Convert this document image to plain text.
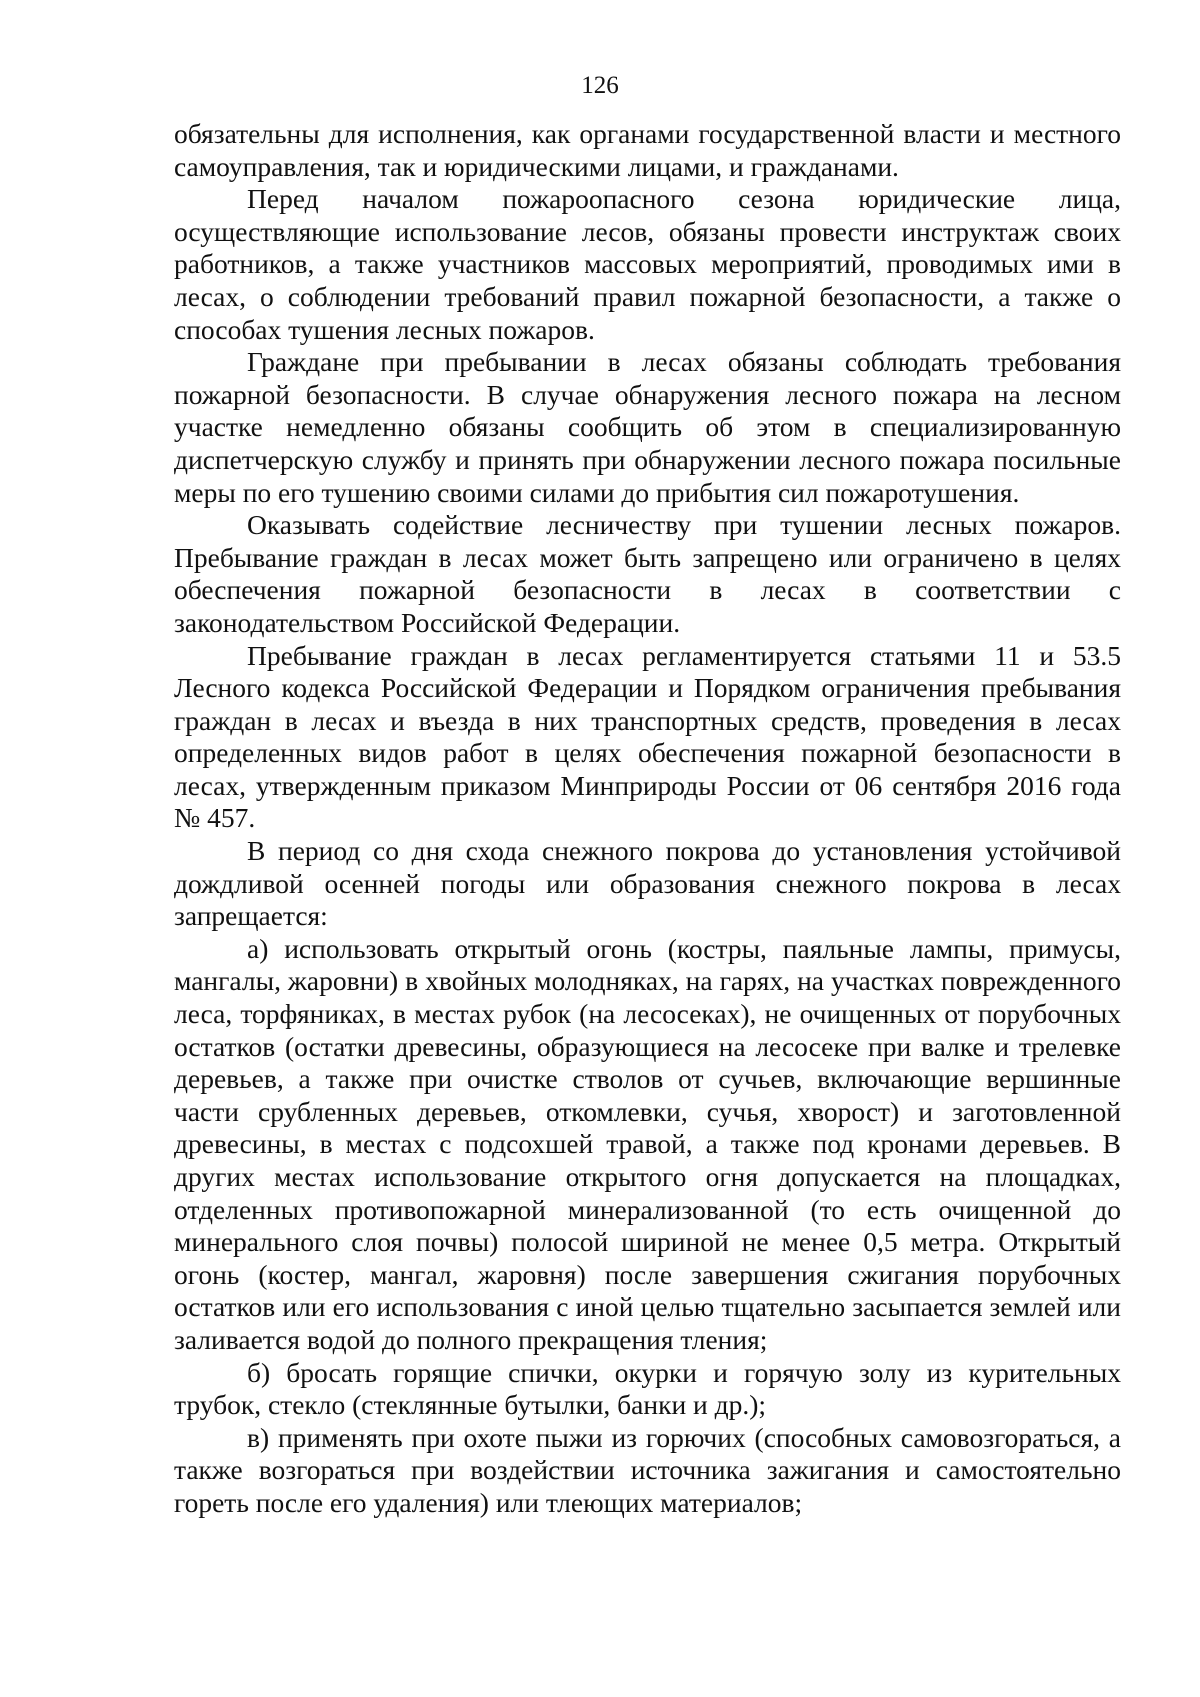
126

обязательны для исполнения, как органами государственной власти и местного самоуправления, так и юридическими лицами, и гражданами.

Перед началом пожароопасного сезона юридические лица, осуществляющие использование лесов, обязаны провести инструктаж своих работников, а также участников массовых мероприятий, проводимых ими в лесах, о соблюдении требований правил пожарной безопасности, а также о способах тушения лесных пожаров.

Граждане при пребывании в лесах обязаны соблюдать требования пожарной безопасности. В случае обнаружения лесного пожара на лесном участке немедленно обязаны сообщить об этом в специализированную диспетчерскую службу и принять при обнаружении лесного пожара посильные меры по его тушению своими силами до прибытия сил пожаротушения.

Оказывать содействие лесничеству при тушении лесных пожаров. Пребывание граждан в лесах может быть запрещено или ограничено в целях обеспечения пожарной безопасности в лесах в соответствии с законодательством Российской Федерации.

Пребывание граждан в лесах регламентируется статьями 11 и 53.5 Лесного кодекса Российской Федерации и Порядком ограничения пребывания граждан в лесах и въезда в них транспортных средств, проведения в лесах определенных видов работ в целях обеспечения пожарной безопасности в лесах, утвержденным приказом Минприроды России от 06 сентября 2016 года № 457.

В период со дня схода снежного покрова до установления устойчивой дождливой осенней погоды или образования снежного покрова в лесах запрещается:

а) использовать открытый огонь (костры, паяльные лампы, примусы, мангалы, жаровни) в хвойных молодняках, на гарях, на участках поврежденного леса, торфяниках, в местах рубок (на лесосеках), не очищенных от порубочных остатков (остатки древесины, образующиеся на лесосеке при валке и трелевке деревьев, а также при очистке стволов от сучьев, включающие вершинные части срубленных деревьев, откомлевки, сучья, хворост) и заготовленной древесины, в местах с подсохшей травой, а также под кронами деревьев. В других местах использование открытого огня допускается на площадках, отделенных противопожарной минерализованной (то есть очищенной до минерального слоя почвы) полосой шириной не менее 0,5 метра. Открытый огонь (костер, мангал, жаровня) после завершения сжигания порубочных остатков или его использования с иной целью тщательно засыпается землей или заливается водой до полного прекращения тления;

б) бросать горящие спички, окурки и горячую золу из курительных трубок, стекло (стеклянные бутылки, банки и др.);

в) применять при охоте пыжи из горючих (способных самовозгораться, а также возгораться при воздействии источника зажигания и самостоятельно гореть после его удаления) или тлеющих материалов;
